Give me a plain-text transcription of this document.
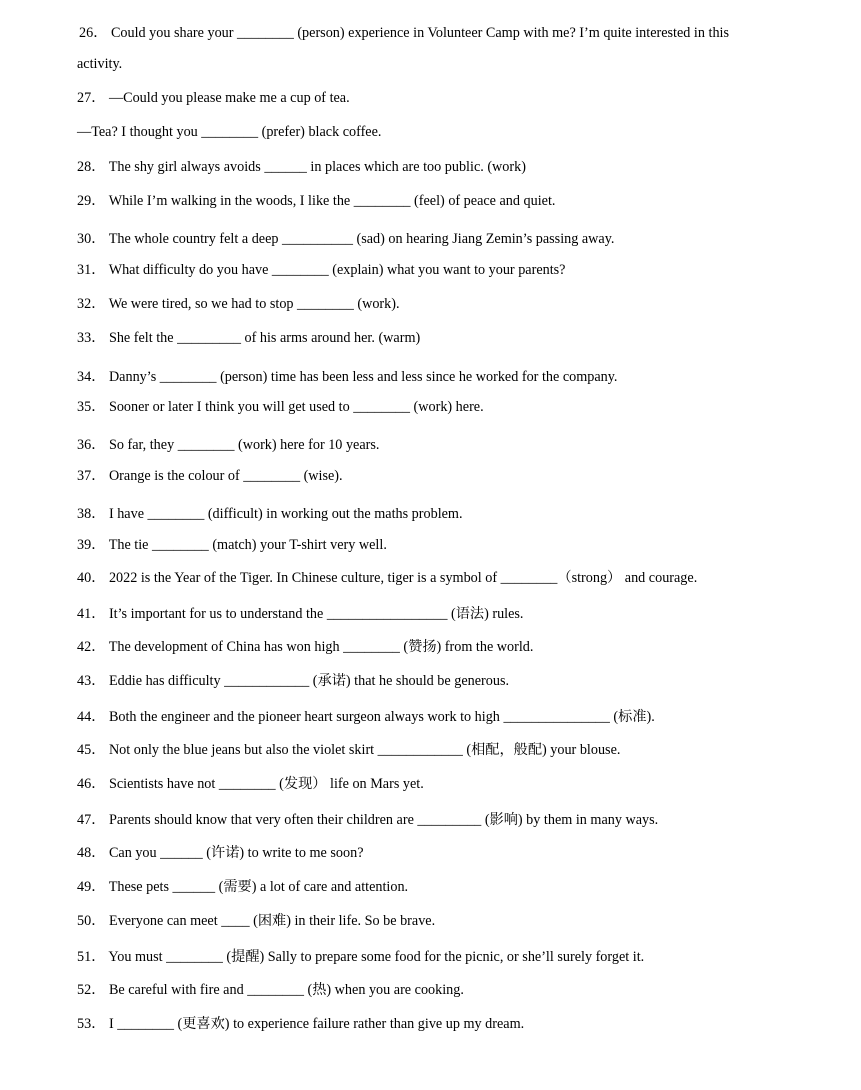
26． Could you share your ________ (person) experience in Volunteer Camp with me? I’m quite interested in this
activity.
27． —Could you please make me a cup of tea.
—Tea? I thought you ________ (prefer) black coffee.
28． The shy girl always avoids ______ in places which are too public. (work)
29． While I’m walking in the woods, I like the ________ (feel) of peace and quiet.
30． The whole country felt a deep __________ (sad) on hearing Jiang Zemin’s passing away.
31． What difficulty do you have ________ (explain) what you want to your parents?
32． We were tired, so we had to stop ________ (work).
33． She felt the _________ of his arms around her. (warm)
34． Danny’s ________ (person) time has been less and less since he worked for the company.
35． Sooner or later I think you will get used to ________ (work) here.
36． So far, they ________ (work) here for 10 years.
37． Orange is the colour of ________ (wise).
38． I have ________ (difficult) in working out the maths problem.
39． The tie ________ (match) your T-shirt very well.
40． 2022 is the Year of the Tiger. In Chinese culture, tiger is a symbol of ________（strong） and courage.
41． It’s important for us to understand the _________________ (语法) rules.
42． The development of China has won high ________ (赞扬) from the world.
43． Eddie has difficulty ____________ (承诺) that he should be generous.
44． Both the engineer and the pioneer heart surgeon always work to high _______________ (标准).
45． Not only the blue jeans but also the violet skirt ____________ (相配，般配) your blouse.
46． Scientists have not ________ (发现） life on Mars yet.
47． Parents should know that very often their children are _________ (影响) by them in many ways.
48． Can you ______ (许诺) to write to me soon?
49． These pets ______ (需要) a lot of care and attention.
50． Everyone can meet ____ (困难) in their life. So be brave.
51． You must ________ (提醒) Sally to prepare some food for the picnic, or she’ll surely forget it.
52． Be careful with fire and ________ (热) when you are cooking.
53． I ________ (更喜欢) to experience failure rather than give up my dream.
